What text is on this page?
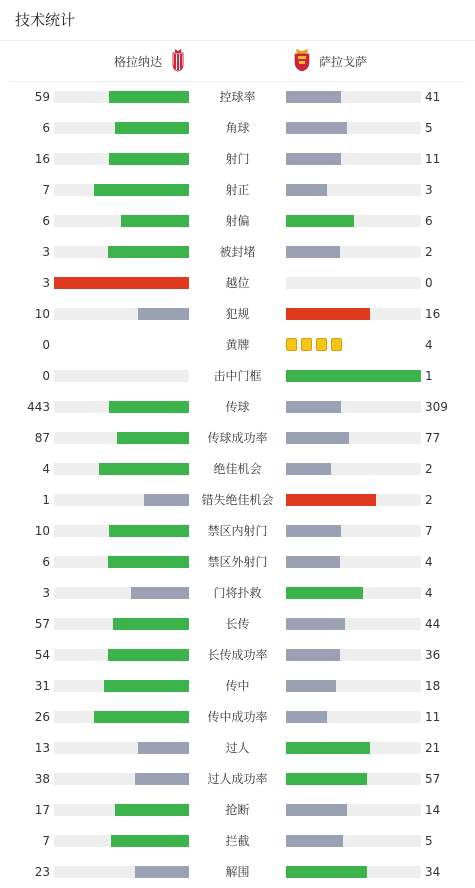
技术统计
格拉纳达	萨拉戈萨
59	控球率	41
6	角球	5
16	射门	11
7	射正	3
6	射偏	6
3	被封堵	2
3	越位	0
10	犯规	16
0	黄牌	4
0	击中门框	1
443	传球	309
87	传球成功率	77
4	绝佳机会	2
1	错失绝佳机会	2
10	禁区内射门	7
6	禁区外射门	4
3	门将扑救	4
57	长传	44
54	长传成功率	36
31	传中	18
26	传中成功率	11
13	过人	21
38	过人成功率	57
17	抢断	14
7	拦截	5
23	解围	34
